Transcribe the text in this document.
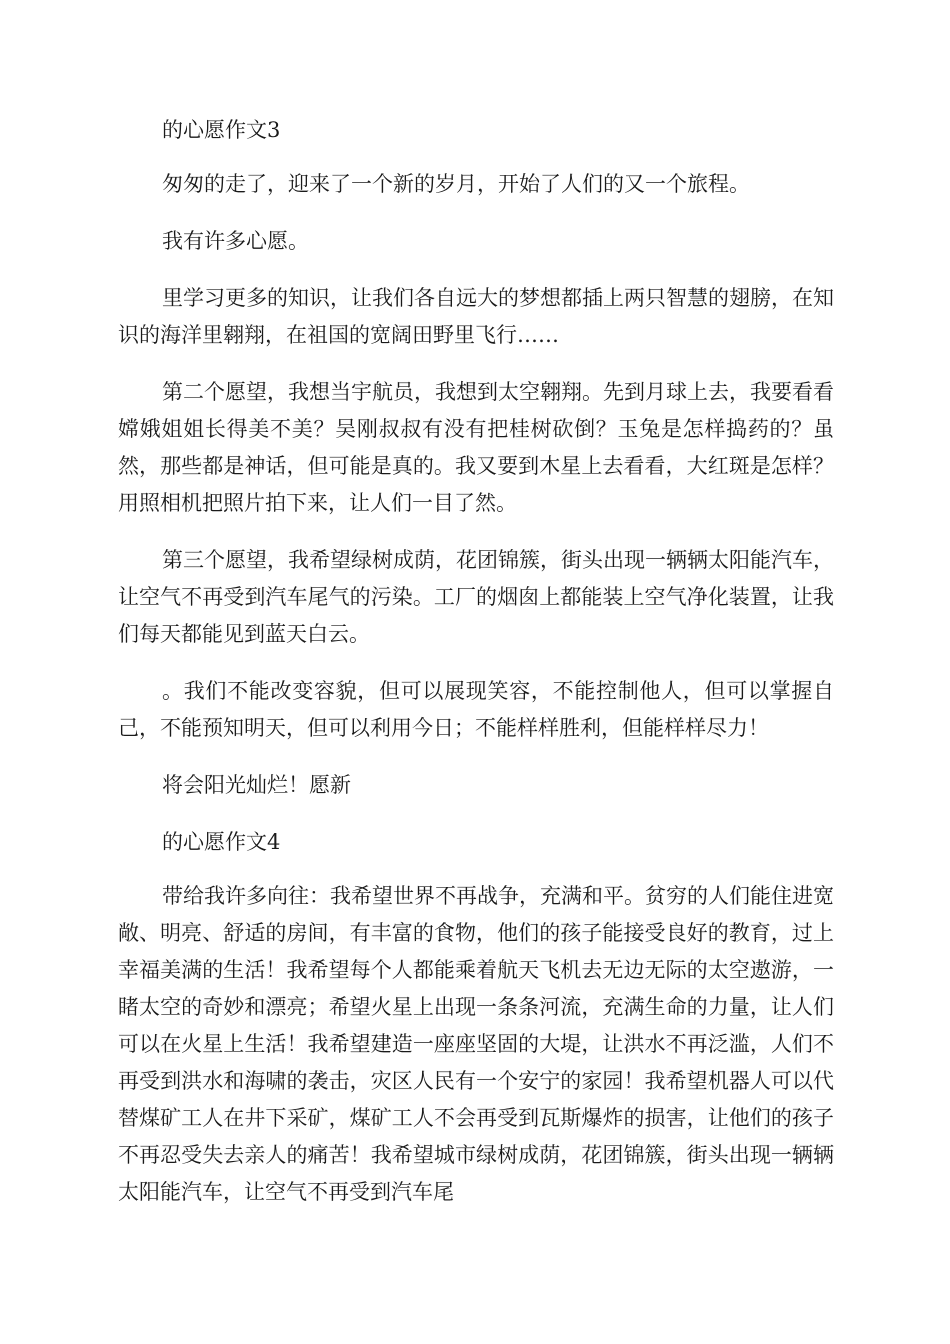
的心愿作文3

匆匆的走了，迎来了一个新的岁月，开始了人们的又一个旅程。

我有许多心愿。

里学习更多的知识，让我们各自远大的梦想都插上两只智慧的翅膀，在知识的海洋里翱翔，在祖国的宽阔田野里飞行……

第二个愿望，我想当宇航员，我想到太空翱翔。先到月球上去，我要看看嫦娥姐姐长得美不美？吴刚叔叔有没有把桂树砍倒？玉兔是怎样捣药的？虽然，那些都是神话，但可能是真的。我又要到木星上去看看，大红斑是怎样？用照相机把照片拍下来，让人们一目了然。

第三个愿望，我希望绿树成荫，花团锦簇，街头出现一辆辆太阳能汽车，让空气不再受到汽车尾气的污染。工厂的烟囱上都能装上空气净化装置，让我们每天都能见到蓝天白云。

。我们不能改变容貌，但可以展现笑容，不能控制他人，但可以掌握自己，不能预知明天，但可以利用今日；不能样样胜利，但能样样尽力！

将会阳光灿烂！愿新

的心愿作文4

带给我许多向往：我希望世界不再战争，充满和平。贫穷的人们能住进宽敞、明亮、舒适的房间，有丰富的食物，他们的孩子能接受良好的教育，过上幸福美满的生活！我希望每个人都能乘着航天飞机去无边无际的太空遨游，一睹太空的奇妙和漂亮；希望火星上出现一条条河流，充满生命的力量，让人们可以在火星上生活！我希望建造一座座坚固的大堤，让洪水不再泛滥，人们不再受到洪水和海啸的袭击，灾区人民有一个安宁的家园！我希望机器人可以代替煤矿工人在井下采矿，煤矿工人不会再受到瓦斯爆炸的损害，让他们的孩子不再忍受失去亲人的痛苦！我希望城市绿树成荫，花团锦簇，街头出现一辆辆太阳能汽车，让空气不再受到汽车尾
